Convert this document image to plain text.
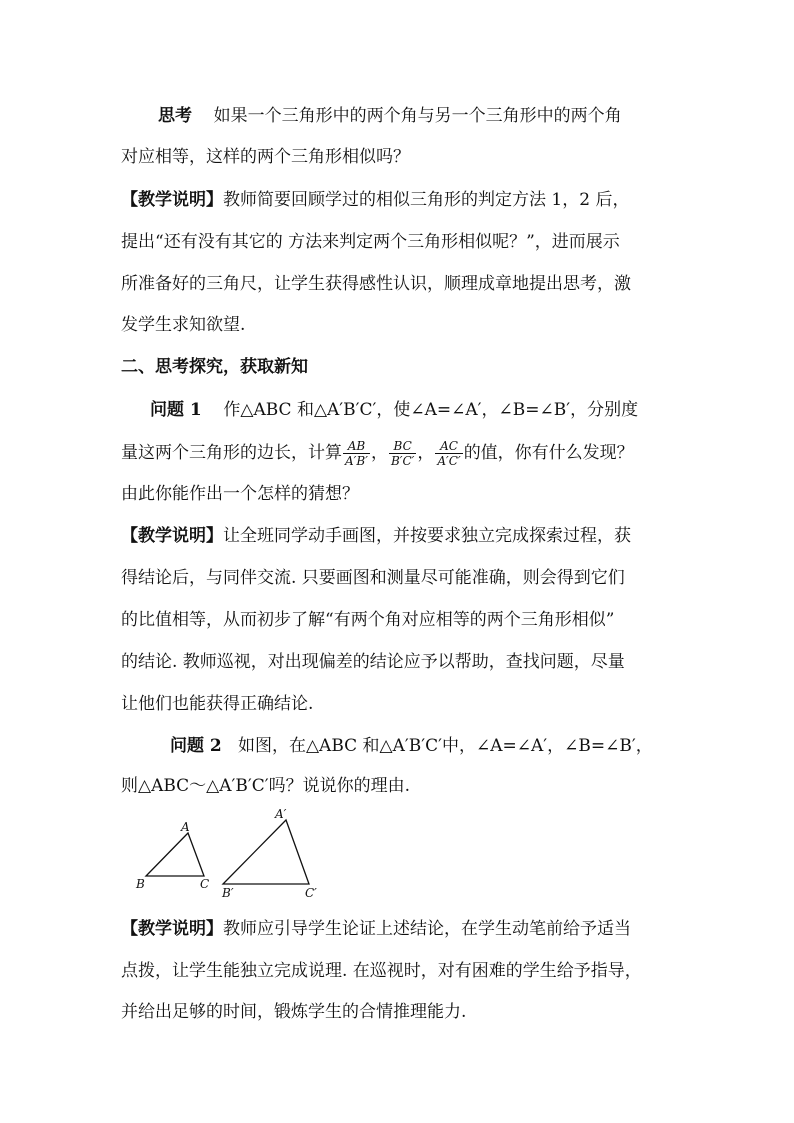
思考 如果一个三角形中的两个角与另一个三角形中的两个角
对应相等，这样的两个三角形相似吗？
【教学说明】教师简要回顾学过的相似三角形的判定方法 1，2 后，
提出“还有没有其它的 方法来判定两个三角形相似呢？”，进而展示
所准备好的三角尺，让学生获得感性认识，顺理成章地提出思考，激
发学生求知欲望.
二、思考探究，获取新知
问题 1 作△ABC 和△A′B′C′，使∠A=∠A′，∠B=∠B′，分别度
量这两个三角形的边长，计算 $\frac{AB}{A'B'}$ ， $\frac{BC}{B'C'}$ ， $\frac{AC}{A'C'}$ 的值，你有什么发现？
由此你能作出一个怎样的猜想？
【教学说明】让全班同学动手画图，并按要求独立完成探索过程，获
得结论后，与同伴交流. 只要画图和测量尽可能准确，则会得到它们
的比值相等，从而初步了解“有两个角对应相等的两个三角形相似”
的结论. 教师巡视，对出现偏差的结论应予以帮助，查找问题，尽量
让他们也能获得正确结论.
问题 2 如图，在△ABC 和△A′B′C′中，∠A=∠A′，∠B=∠B′，
则△ABC～△A′B′C′吗？说说你的理由.
A
B	C
A′
B′	C′
【教学说明】教师应引导学生论证上述结论，在学生动笔前给予适当
点拨，让学生能独立完成说理. 在巡视时，对有困难的学生给予指导，
并给出足够的时间，锻炼学生的合情推理能力.
